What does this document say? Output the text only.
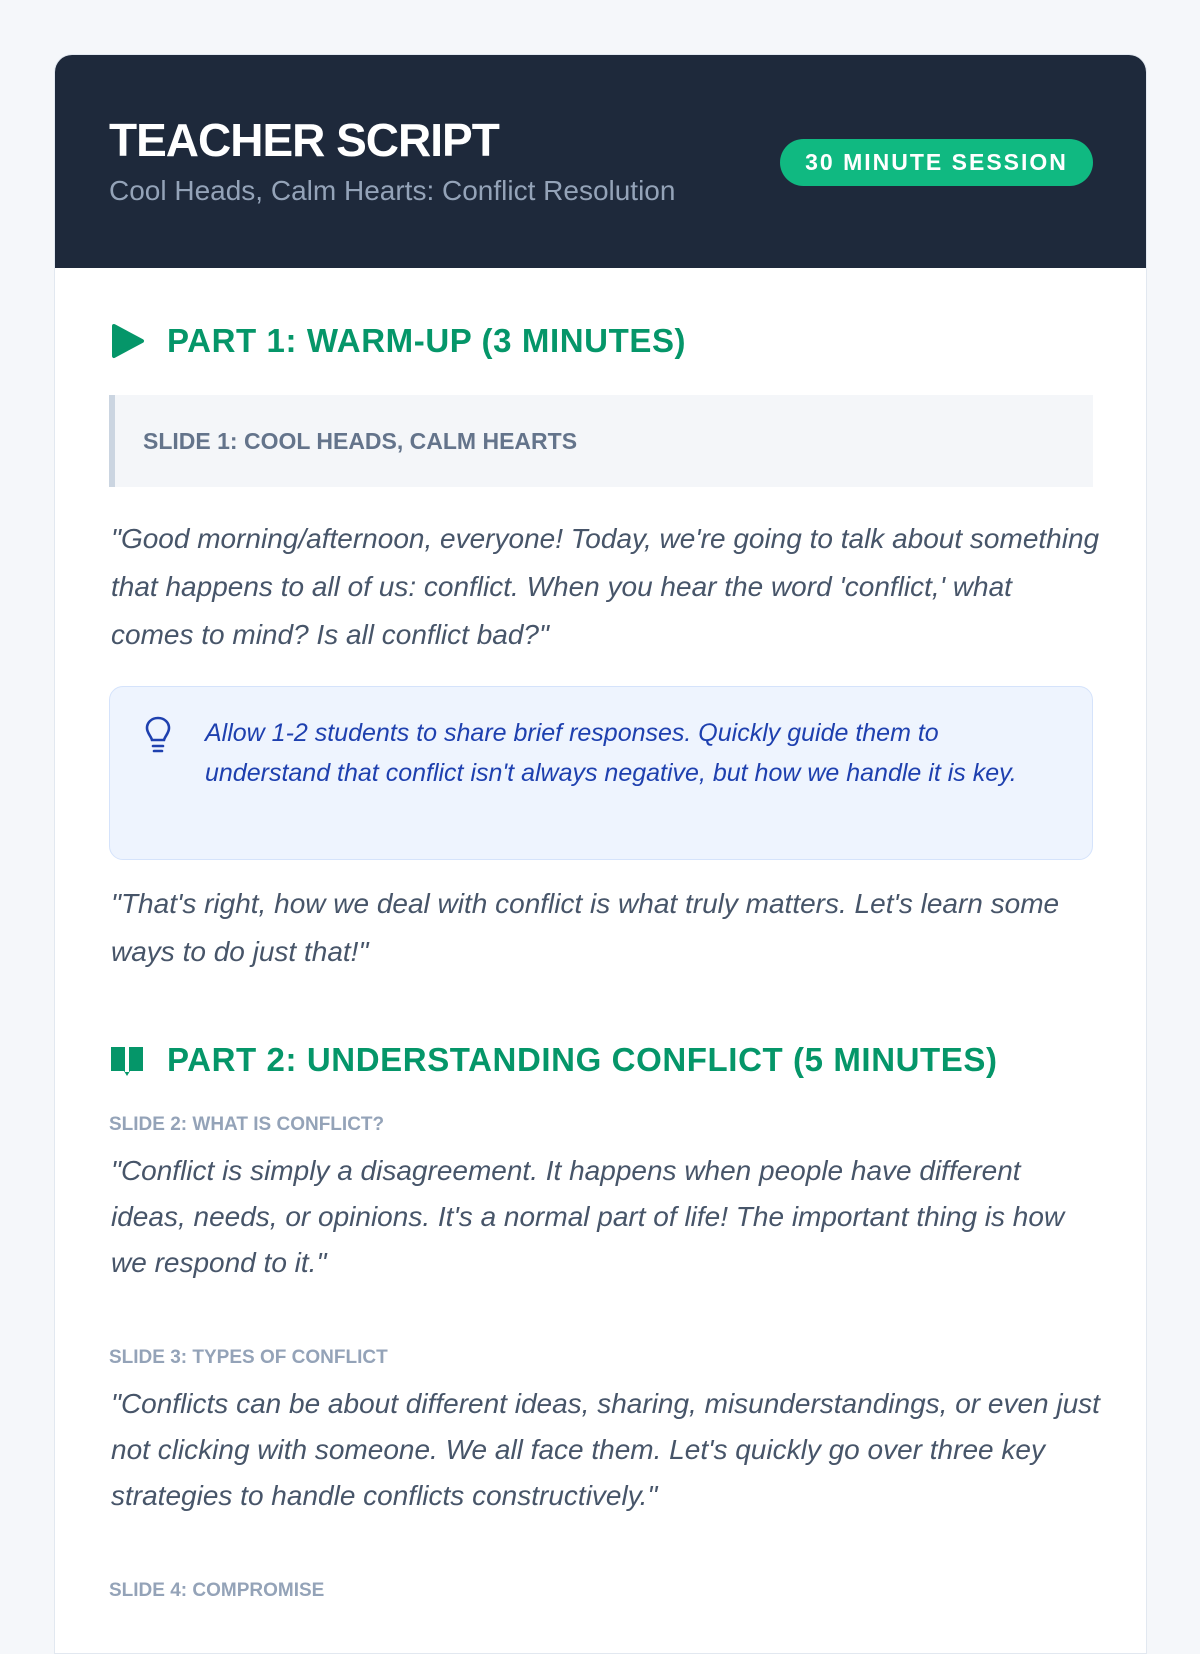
TEACHER SCRIPT
Cool Heads, Calm Hearts: Conflict Resolution
30 MINUTE SESSION
PART 1: WARM-UP (3 MINUTES)
SLIDE 1: COOL HEADS, CALM HEARTS
"Good morning/afternoon, everyone! Today, we're going to talk about something that happens to all of us: conflict. When you hear the word 'conflict,' what comes to mind? Is all conflict bad?"
Allow 1-2 students to share brief responses. Quickly guide them to understand that conflict isn't always negative, but how we handle it is key.
"That's right, how we deal with conflict is what truly matters. Let's learn some ways to do just that!"
PART 2: UNDERSTANDING CONFLICT (5 MINUTES)
SLIDE 2: WHAT IS CONFLICT?
"Conflict is simply a disagreement. It happens when people have different ideas, needs, or opinions. It's a normal part of life! The important thing is how we respond to it."
SLIDE 3: TYPES OF CONFLICT
"Conflicts can be about different ideas, sharing, misunderstandings, or even just not clicking with someone. We all face them. Let's quickly go over three key strategies to handle conflicts constructively."
SLIDE 4: COMPROMISE
